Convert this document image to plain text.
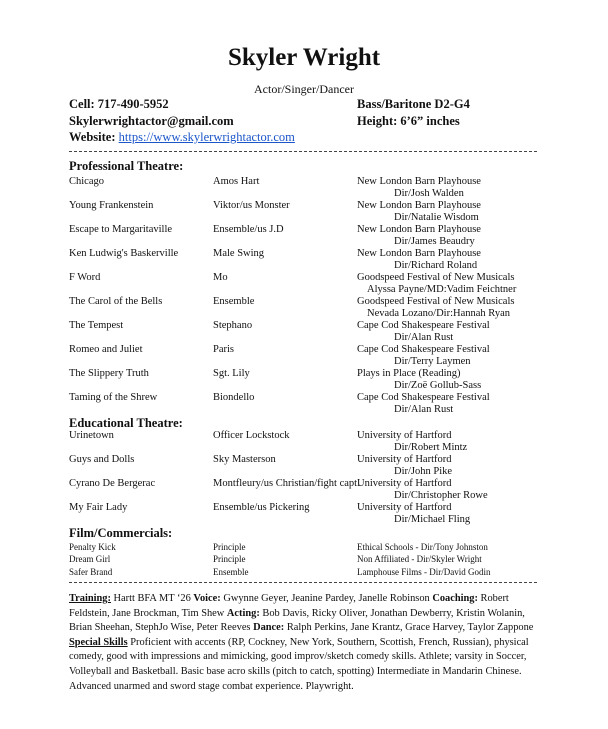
Skyler Wright
Actor/Singer/Dancer
Cell: 717-490-5952
Skylerwrightactor@gmail.com
Website: https://www.skylerwrightactor.com
Bass/Baritone D2-G4
Height: 6’6” inches
Professional Theatre:
Chicago	Amos Hart	New London Barn Playhouse
Dir/Josh Walden
Young Frankenstein	Viktor/us Monster	New London Barn Playhouse
Dir/Natalie Wisdom
Escape to Margaritaville	Ensemble/us J.D	New London Barn Playhouse
Dir/James Beaudry
Ken Ludwig's Baskerville	Male Swing	New London Barn Playhouse
Dir/Richard Roland
F Word	Mo	Goodspeed Festival of New Musicals
Alyssa Payne/MD:Vadim Feichtner
The Carol of the Bells	Ensemble	Goodspeed Festival of New Musicals
Nevada Lozano/Dir:Hannah Ryan
The Tempest	Stephano	Cape Cod Shakespeare Festival
Dir/Alan Rust
Romeo and Juliet	Paris	Cape Cod Shakespeare Festival
Dir/Terry Laymen
The Slippery Truth	Sgt. Lily	Plays in Place (Reading)
Dir/Zoë Gollub-Sass
Taming of the Shrew	Biondello	Cape Cod Shakespeare Festival
Dir/Alan Rust
Educational Theatre:
Urinetown	Officer Lockstock	University of Hartford
Dir/Robert Mintz
Guys and Dolls	Sky Masterson	University of Hartford
Dir/John Pike
Cyrano De Bergerac	Montfleury/us Christian/fight capt.
University of Hartford
Dir/Christopher Rowe
My Fair Lady	Ensemble/us Pickering	University of Hartford
Dir/Michael Fling
Film/Commercials:
Penalty Kick	Principle	Ethical Schools - Dir/Tony Johnston
Dream Girl	Principle	Non Affiliated - Dir/Skyler Wright
Safer Brand	Ensemble	Lamphouse Films - Dir/David Godin
Training: Hartt BFA MT ‘26 Voice: Gwynne Geyer, Jeanine Pardey, Janelle Robinson Coaching: Robert Feldstein, Jane Brockman, Tim Shew Acting: Bob Davis, Ricky Oliver, Jonathan Dewberry, Kristin Wolanin, Brian Sheehan, StephJo Wise, Peter Reeves Dance: Ralph Perkins, Jane Krantz, Grace Harvey, Taylor Zappone Special Skills Proficient with accents (RP, Cockney, New York, Southern, Scottish, French, Russian), physical comedy, good with impressions and mimicking, good improv/sketch comedy skills. Athlete; varsity in Soccer, Volleyball and Basketball. Basic base acro skills (pitch to catch, spotting) Intermediate in Mandarin Chinese. Advanced unarmed and sword stage combat experience. Playwright.
